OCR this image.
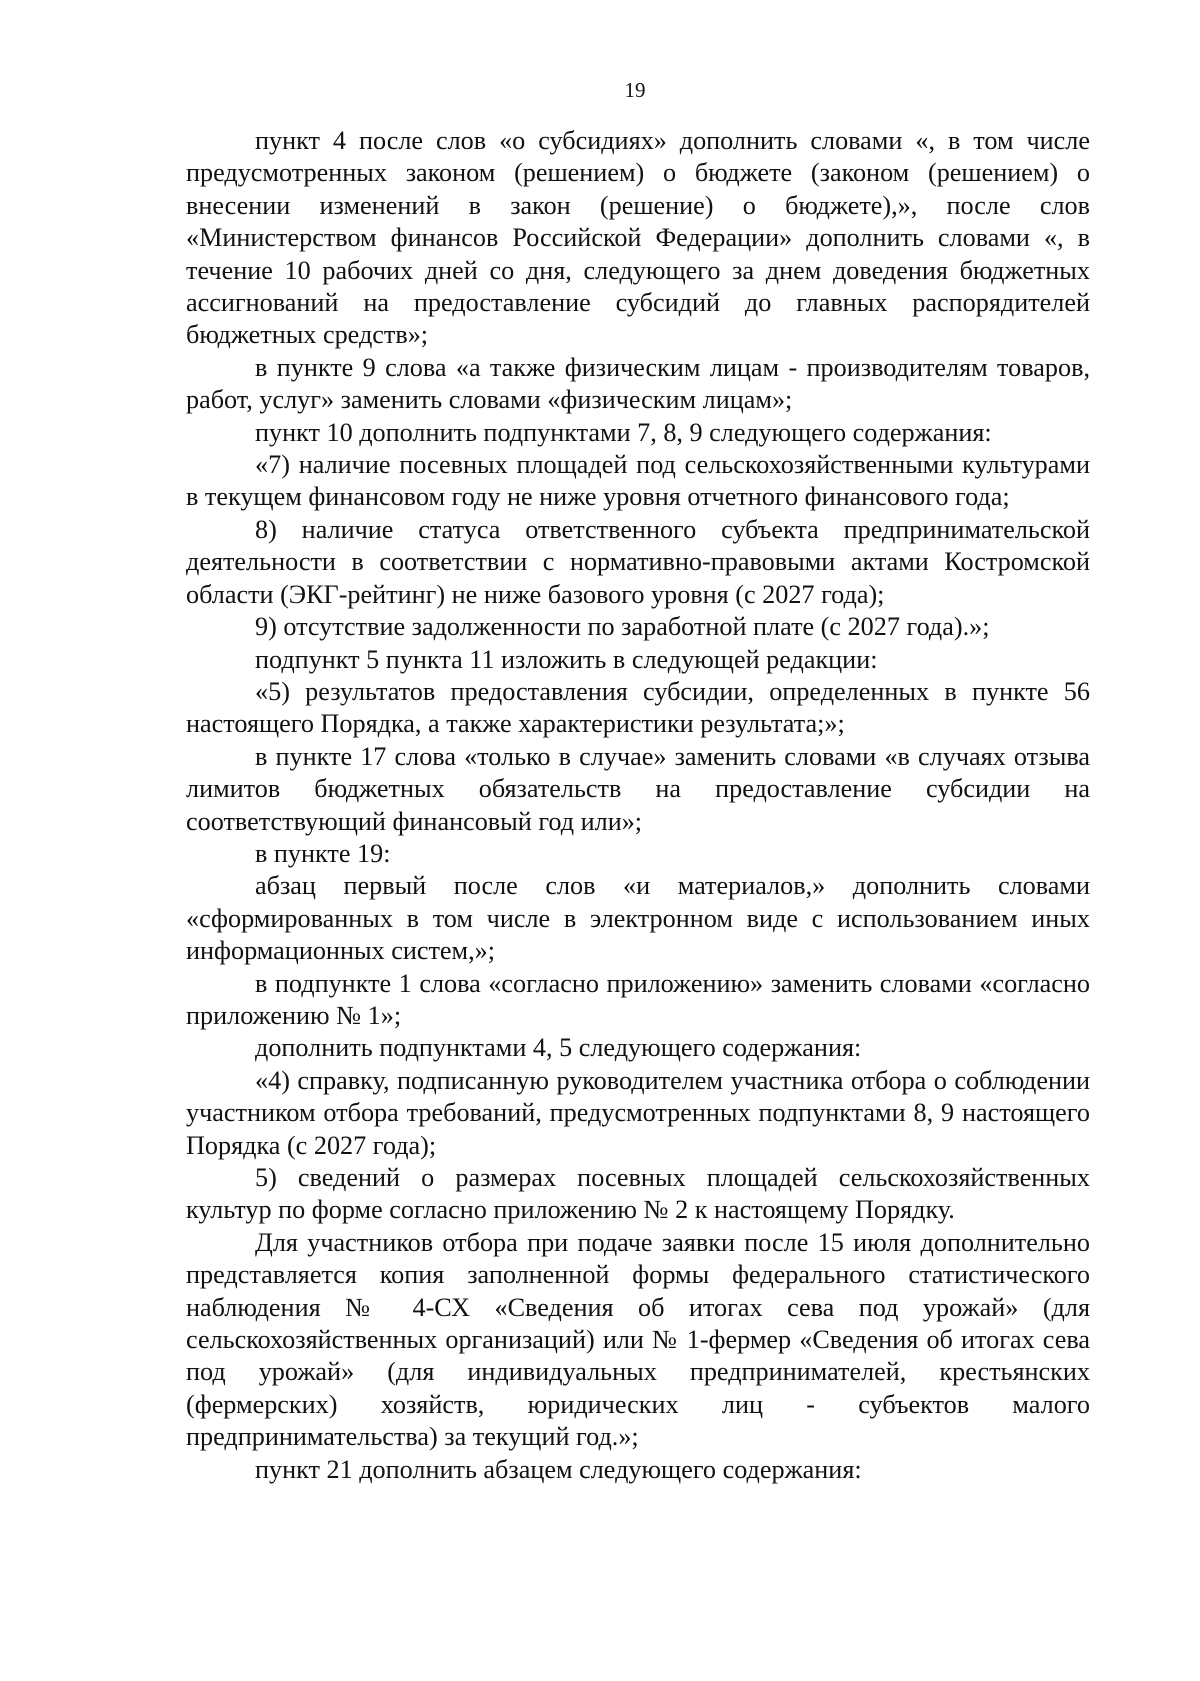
19

пункт 4 после слов «о субсидиях» дополнить словами «, в том числе предусмотренных законом (решением) о бюджете (законом (решением) о внесении изменений в закон (решение) о бюджете),», после слов «Министерством финансов Российской Федерации» дополнить словами «, в течение 10 рабочих дней со дня, следующего за днем доведения бюджетных ассигнований на предоставление субсидий до главных распорядителей бюджетных средств»;

в пункте 9 слова «а также физическим лицам - производителям товаров, работ, услуг» заменить словами «физическим лицам»;

пункт 10 дополнить подпунктами 7, 8, 9 следующего содержания:

«7) наличие посевных площадей под сельскохозяйственными культурами в текущем финансовом году не ниже уровня отчетного финансового года;

8) наличие статуса ответственного субъекта предпринимательской деятельности в соответствии с нормативно-правовыми актами Костромской области (ЭКГ-рейтинг) не ниже базового уровня (с 2027 года);

9) отсутствие задолженности по заработной плате (с 2027 года).»;

подпункт 5 пункта 11 изложить в следующей редакции:

«5) результатов предоставления субсидии, определенных в пункте 56 настоящего Порядка, а также характеристики результата;»;

в пункте 17 слова «только в случае» заменить словами «в случаях отзыва лимитов бюджетных обязательств на предоставление субсидии на соответствующий финансовый год или»;

в пункте 19:

абзац первый после слов «и материалов,» дополнить словами «сформированных в том числе в электронном виде с использованием иных информационных систем,»;

в подпункте 1 слова «согласно приложению» заменить словами «согласно приложению № 1»;

дополнить подпунктами 4, 5 следующего содержания:

«4) справку, подписанную руководителем участника отбора о соблюдении участником отбора требований, предусмотренных подпунктами 8, 9 настоящего Порядка (с 2027 года);

5) сведений о размерах посевных площадей сельскохозяйственных культур по форме согласно приложению № 2 к настоящему Порядку.

Для участников отбора при подаче заявки после 15 июля дополнительно представляется копия заполненной формы федерального статистического наблюдения № 4-СХ «Сведения об итогах сева под урожай» (для сельскохозяйственных организаций) или № 1-фермер «Сведения об итогах сева под урожай» (для индивидуальных предпринимателей, крестьянских (фермерских) хозяйств, юридических лиц - субъектов малого предпринимательства) за текущий год.»;

пункт 21 дополнить абзацем следующего содержания:
